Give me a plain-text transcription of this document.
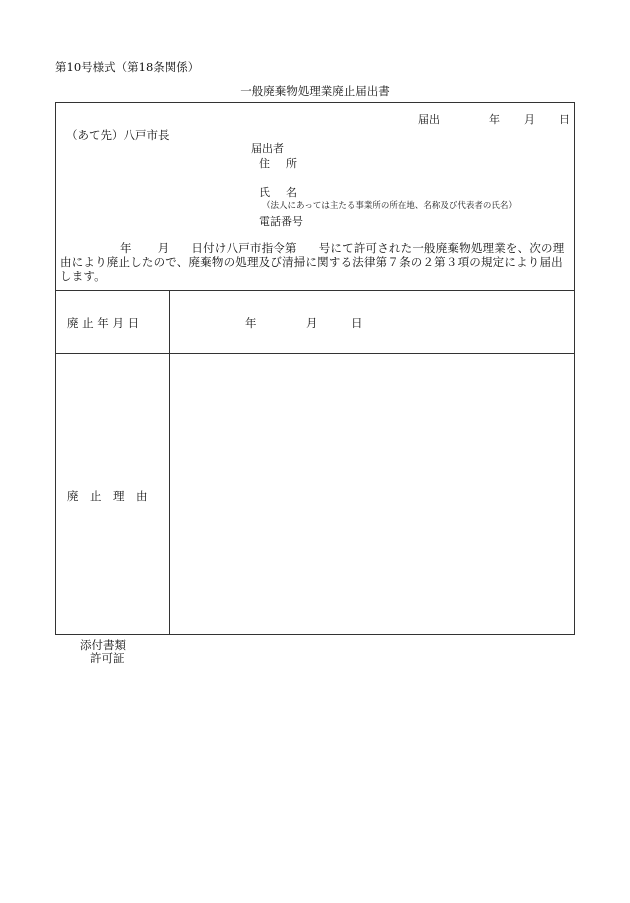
第10号様式（第18条関係）
一般廃棄物処理業廃止届出書
届出	年 月 日
（あて先）八戸市長
届出者
住 所
氏 名
（法人にあっては主たる事業所の所在地、名称及び代表者の氏名）
電話番号
年 月 日付け八戸市指令第 号にて許可された一般廃棄物処理業を、次の理
由により廃止したので、廃棄物の処理及び清掃に関する法律第７条の２第３項の規定により届出
します。
廃 止 年 月 日	年	月	日
廃　止　理　由
添付書類
許可証
